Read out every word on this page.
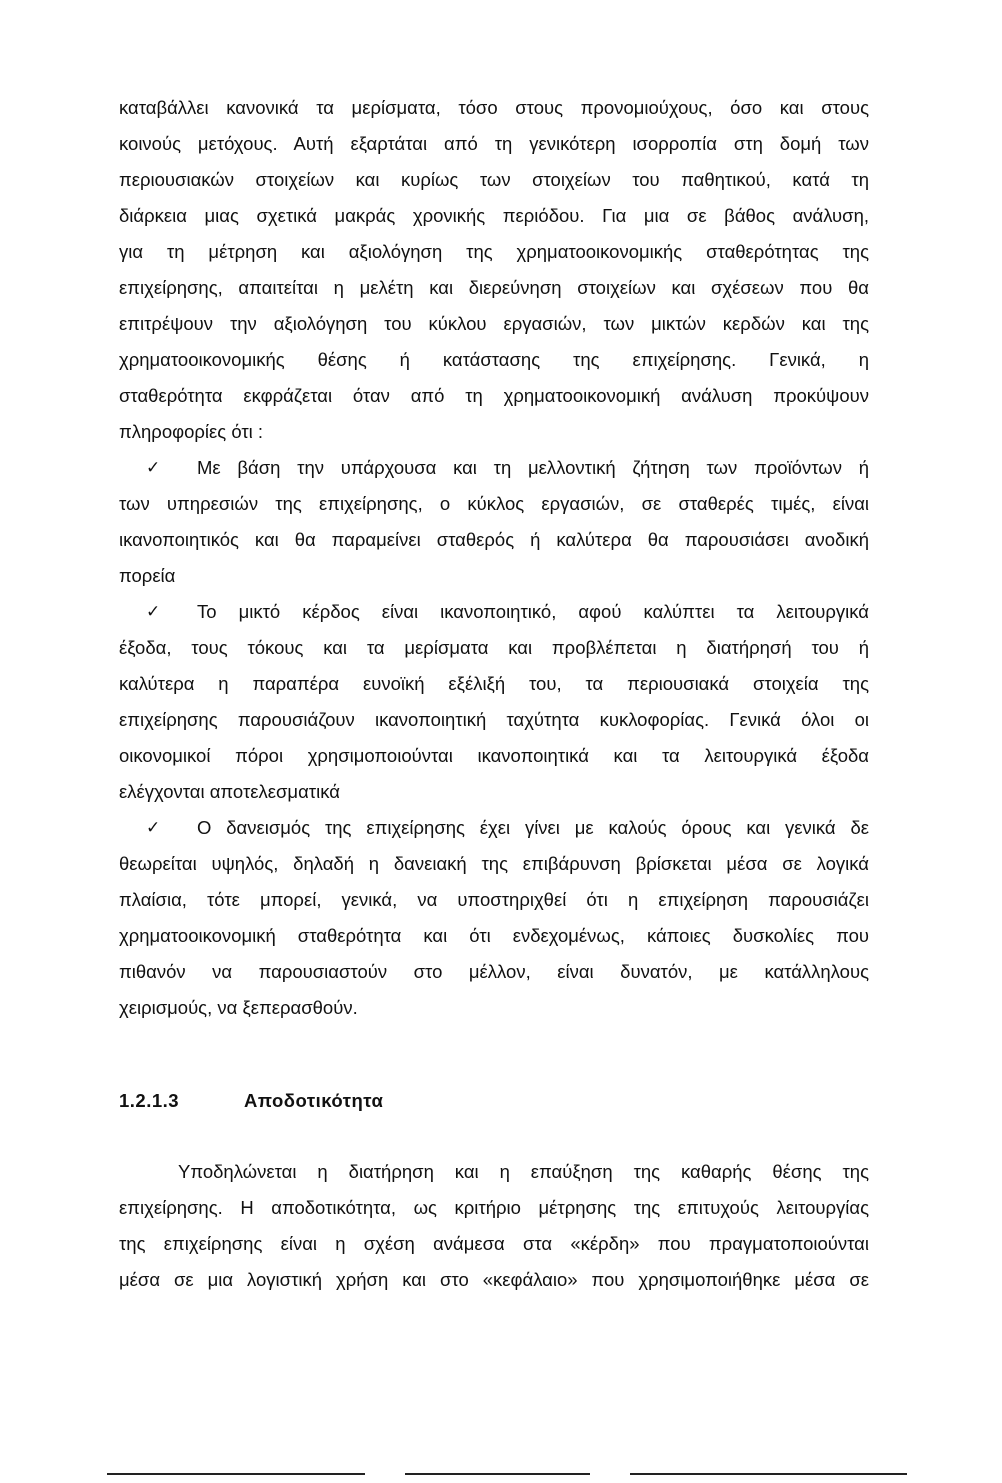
καταβάλλει κανονικά τα μερίσματα, τόσο στους προνομιούχους, όσο και στους
κοινούς μετόχους. Αυτή εξαρτάται από τη γενικότερη ισορροπία στη δομή των
περιουσιακών στοιχείων και κυρίως των στοιχείων του παθητικού, κατά τη
διάρκεια μιας σχετικά μακράς χρονικής περιόδου. Για μια σε βάθος ανάλυση,
για τη μέτρηση και αξιολόγηση της χρηματοοικονομικής σταθερότητας της
επιχείρησης, απαιτείται η μελέτη και διερεύνηση στοιχείων και σχέσεων που θα
επιτρέψουν την αξιολόγηση του κύκλου εργασιών, των μικτών κερδών και της
χρηματοοικονομικής θέσης ή κατάστασης της επιχείρησης. Γενικά, η
σταθερότητα εκφράζεται όταν από τη χρηματοοικονομική ανάλυση προκύψουν
πληροφορίες ότι :
✓ Με βάση την υπάρχουσα και τη μελλοντική ζήτηση των προϊόντων ή
των υπηρεσιών της επιχείρησης, ο κύκλος εργασιών, σε σταθερές τιμές, είναι
ικανοποιητικός και θα παραμείνει σταθερός ή καλύτερα θα παρουσιάσει ανοδική
πορεία
✓ Το μικτό κέρδος είναι ικανοποιητικό, αφού καλύπτει τα λειτουργικά
έξοδα, τους τόκους και τα μερίσματα και προβλέπεται η διατήρησή του ή
καλύτερα η παραπέρα ευνοϊκή εξέλιξή του, τα περιουσιακά στοιχεία της
επιχείρησης παρουσιάζουν ικανοποιητική ταχύτητα κυκλοφορίας. Γενικά όλοι οι
οικονομικοί πόροι χρησιμοποιούνται ικανοποιητικά και τα λειτουργικά έξοδα
ελέγχονται αποτελεσματικά
✓ Ο δανεισμός της επιχείρησης έχει γίνει με καλούς όρους και γενικά δε
θεωρείται υψηλός, δηλαδή η δανειακή της επιβάρυνση βρίσκεται μέσα σε λογικά
πλαίσια, τότε μπορεί, γενικά, να υποστηριχθεί ότι η επιχείρηση παρουσιάζει
χρηματοοικονομική σταθερότητα και ότι ενδεχομένως, κάποιες δυσκολίες που
πιθανόν να παρουσιαστούν στο μέλλον, είναι δυνατόν, με κατάλληλους
χειρισμούς, να ξεπερασθούν.
1.2.1.3	Αποδοτικότητα
Υποδηλώνεται η διατήρηση και η επαύξηση της καθαρής θέσης της
επιχείρησης. Η αποδοτικότητα, ως κριτήριο μέτρησης της επιτυχούς λειτουργίας
της επιχείρησης είναι η σχέση ανάμεσα στα «κέρδη» που πραγματοποιούνται
μέσα σε μια λογιστική χρήση και στο «κεφάλαιο» που χρησιμοποιήθηκε μέσα σε
